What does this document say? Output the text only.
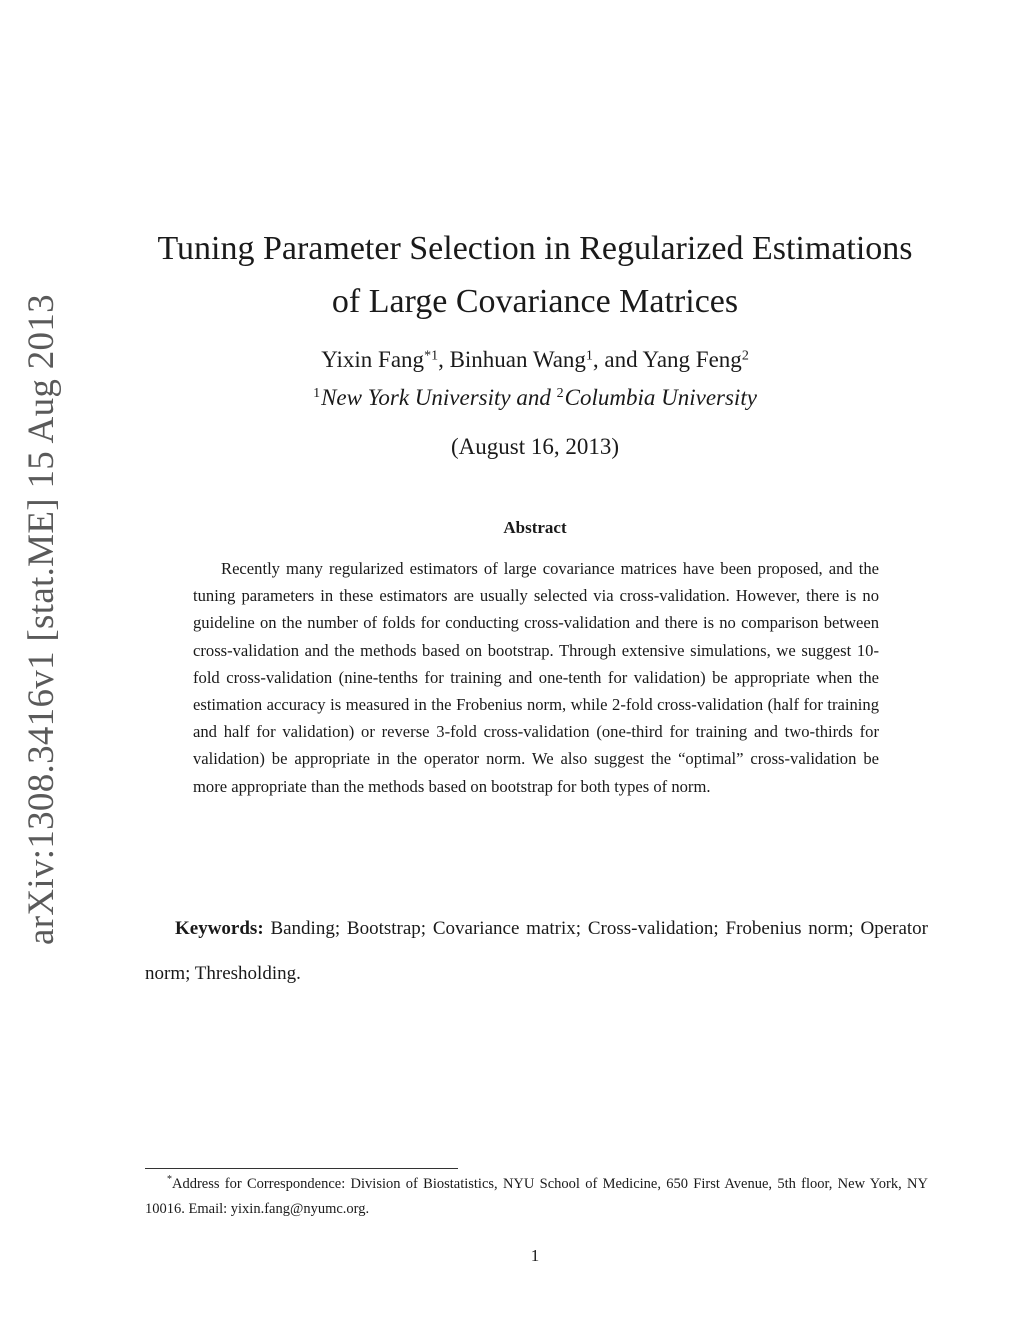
arXiv:1308.3416v1 [stat.ME] 15 Aug 2013
Tuning Parameter Selection in Regularized Estimations
of Large Covariance Matrices
Yixin Fang$^{*1}$, Binhuan Wang$^1$, and Yang Feng$^2$
$^1$New York University and $^2$Columbia University
(August 16, 2013)
Abstract

Recently many regularized estimators of large covariance matrices have been proposed, and the tuning parameters in these estimators are usually selected via cross-validation. However, there is no guideline on the number of folds for conducting cross-validation and there is no comparison between cross-validation and the methods based on bootstrap. Through extensive simulations, we suggest 10-fold cross-validation (nine-tenths for training and one-tenth for validation) be appropriate when the estimation accuracy is measured in the Frobenius norm, while 2-fold cross-validation (half for training and half for validation) or reverse 3-fold cross-validation (one-third for training and two-thirds for validation) be appropriate in the operator norm. We also suggest the “optimal” cross-validation be more appropriate than the methods based on bootstrap for both types of norm.

Keywords: Banding; Bootstrap; Covariance matrix; Cross-validation; Frobenius norm; Operator norm; Thresholding.

*Address for Correspondence: Division of Biostatistics, NYU School of Medicine, 650 First Avenue, 5th floor, New York, NY 10016. Email: yixin.fang@nyumc.org.

1
